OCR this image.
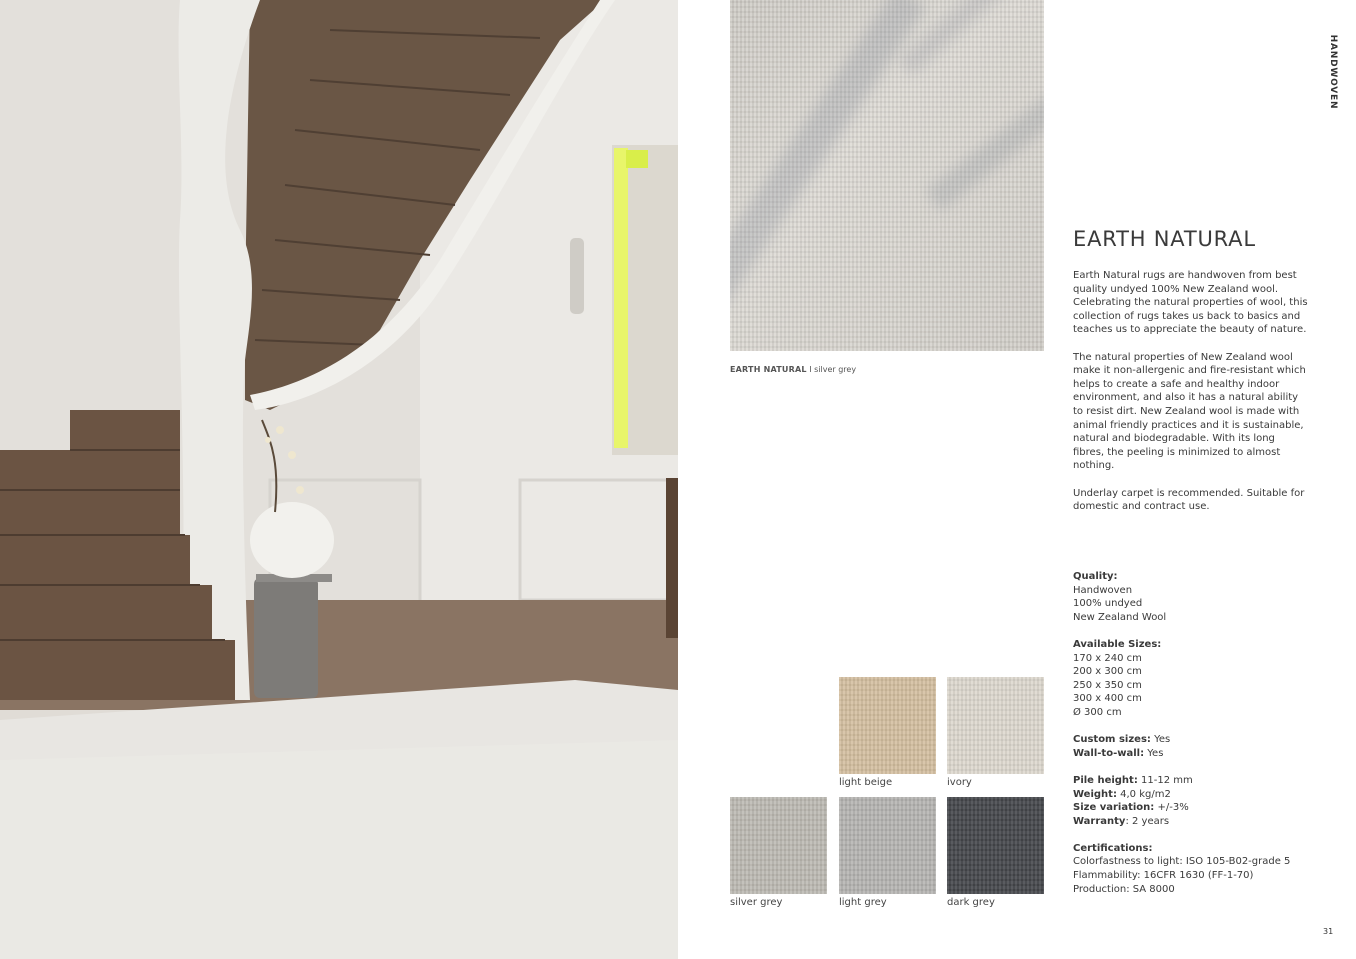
EARTH NATURAL I silver grey
HANDWOVEN
EARTH NATURAL

Earth Natural rugs are handwoven from best quality undyed 100% New Zealand wool. Celebrating the natural properties of wool, this collection of rugs takes us back to basics and teaches us to appreciate the beauty of nature.

The natural properties of New Zealand wool make it non-allergenic and fire-resistant which helps to create a safe and healthy indoor environment, and also it has a natural ability to resist dirt. New Zealand wool is made with animal friendly practices and it is sustainable, natural and biodegradable. With its long fibres, the peeling is minimized to almost nothing.

Underlay carpet is recommended. Suitable for domestic and contract use.

Quality:
Handwoven
100% undyed
New Zealand Wool
Available Sizes:
170 x 240 cm
200 x 300 cm
250 x 350 cm
300 x 400 cm
Ø 300 cm
Custom sizes: Yes
Wall-to-wall: Yes
Pile height: 11-12 mm
Weight: 4,0 kg/m2
Size variation: +/-3%
Warranty: 2 years
Certifications:
Colorfastness to light: ISO 105-B02-grade 5
Flammability: 16CFR 1630 (FF-1-70)
Production: SA 8000
light beige	ivory
silver grey	light grey	dark grey
31
